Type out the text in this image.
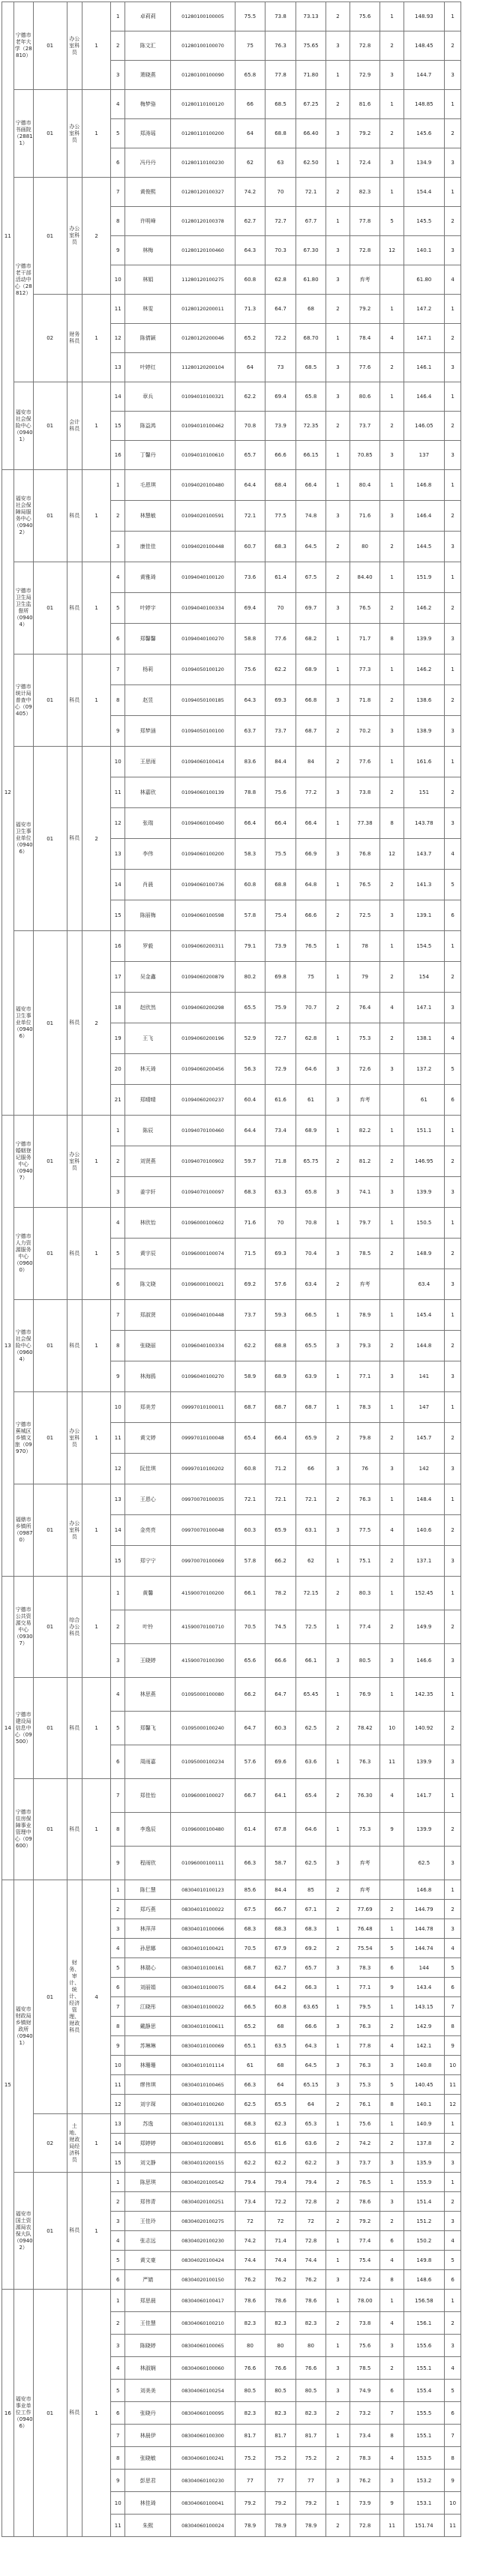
11	宁德市老年大学（28810）	01	办公室科员	1	1	卓莉莉	01280100100005	75.5	73.8	73.13	2	75.6	1	148.93	1
					2	陈文汇	01280100100070	75	76.3	75.65	3	72.8	2	148.45	2
					3	萧晓燕	01280100100090	65.8	77.8	71.80	1	72.9	3	144.7	3
	宁德市书画院（28811）	01	办公室科员	1	4	梅梦骆	01280110100120	66	68.5	67.25	2	81.6	1	148.85	1
					5	郑涛瑶	01280110100200	64	68.8	66.40	3	79.2	2	145.6	2
					6	冯丹丹	01280110100230	62	63	62.50	1	72.4	3	134.9	3
	宁德市老干部活动中心（28812）	01	办公室科员	2	7	黄俊熙	01280120100327	74.2	70	72.1	2	82.3	1	154.4	1
					8	许明峰	01280120100378	62.7	72.7	67.7	1	77.8	5	145.5	2
					9	林梅	01280120100460	64.3	70.3	67.30	3	72.8	12	140.1	3
					10	林娟	11280120100275	60.8	62.8	61.80	3	弃考		61.80	4
		02	财务科员	1	11	林雯	01280120200011	71.3	64.7	68	2	79.2	1	147.2	1
					12	陈倩颖	01280120200046	65.2	72.2	68.70	1	78.4	4	147.1	2
					13	叶婷红	11280120200104	64	73	68.5	3	77.6	2	146.1	3
	福安市社会保险中心（09401）	01	会计科员	1	14	章兵	01094010100321	62.2	69.4	65.8	3	80.6	1	146.4	1
					15	陈益鸿	01094010100462	70.8	73.9	72.35	2	73.7	2	146.05	2
					16	丁馨丹	01094010100610	65.7	66.6	66.15	1	70.85	3	137	3
12	福安市社会保障局服务中心（09402）	01	科员	1	1	毛恩琪	01094020100480	64.4	68.4	66.4	1	80.4	1	146.8	1
					2	林慧敏	01094020100591	72.1	77.5	74.8	3	71.6	3	146.4	2
					3	康佳佳	01094020100448	60.7	68.3	64.5	2	80	2	144.5	3
	宁德市卫生局卫生监督所（09404）	01	科员	1	4	黄雅琦	01094040100120	73.6	61.4	67.5	2	84.40	1	151.9	1
					5	叶婷宇	01094040100334	69.4	70	69.7	3	76.5	2	146.2	2
					6	郑馨馨	01094040100270	58.8	77.6	68.2	1	71.7	8	139.9	3
	宁德市统计局普查中心（09405）	01	科员	1	7	杨莉	01094050100120	75.6	62.2	68.9	1	77.3	1	146.2	1
					8	赵昱	01094050100185	64.3	69.3	66.8	3	71.8	2	138.6	2
					9	郑梦涵	01094050100100	63.7	73.7	68.7	2	70.2	3	138.9	3
	福安市卫生事业单位（09406）	01	科员	2	10	王思雨	01094060100414	83.6	84.4	84	2	77.6	1	161.6	1
					11	林嘉欣	01094060100139	78.8	75.6	77.2	3	73.8	2	151	2
					12	张瑞	01094060100490	66.4	66.4	66.4	1	77.38	8	143.78	3
					13	李伟	01094060100200	58.3	75.5	66.9	3	76.8	12	143.7	4
					14	肖晨	01094060100736	60.8	68.8	64.8	1	76.5	2	141.3	5
					15	陈丽梅	01094060100598	57.8	75.4	66.6	2	72.5	3	139.1	6
	福安市卫生事业单位（09406）	01	科员	2	16	罗毅	01094060200311	79.1	73.9	76.5	1	78	1	154.5	1
					17	吴金鑫	01094060200879	80.2	69.8	75	1	79	2	154	2
					18	赵欣然	01094060200298	65.5	75.9	70.7	2	76.4	4	147.1	3
					19	王飞	01094060200196	52.9	72.7	62.8	1	75.3	2	138.1	4
					20	林天琦	01094060200456	56.3	72.9	64.6	3	72.6	3	137.2	5
					21	郑晴晴	01094060200237	60.4	61.6	61	3	弃考		61	6
13	宁德市婚姻登记服务中心（09407）	01	办公室科员	1	1	陈辰	01094070100460	64.4	73.4	68.9	1	82.2	1	151.1	1
					2	刘贤燕	01094070100902	59.7	71.8	65.75	2	81.2	2	146.95	2
					3	姜宇轩	01094070100097	68.3	63.3	65.8	3	74.1	3	139.9	3
	宁德市人力资源服务中心（09600）	01	科员	1	4	林欣怡	01096000100602	71.6	70	70.8	1	79.7	1	150.5	1
					5	黄宇辰	01096000100074	71.5	69.3	70.4	3	78.5	2	148.9	2
					6	陈文晓	01096000100021	69.2	57.6	63.4	2	弃考		63.4	3
	宁德市社会保险中心（09604）	01	科员	1	7	郑淑贤	01096040100448	73.7	59.3	66.5	1	78.9	1	145.4	1
					8	张晓丽	01096040100334	62.2	68.8	65.5	3	79.3	2	144.8	2
					9	林海鸥	01096040100270	58.9	68.9	63.9	1	77.1	3	141	3
	宁德市蕉城区乡镇文旅（09970）	01	办公室科员	1	10	郑美芳	09997010100011	68.7	68.7	68.7	1	78.3	1	147	1
					11	黄文婷	09997010100048	65.4	66.4	65.9	2	79.8	2	145.7	2
					12	阮佳琪	09997010100202	60.8	71.2	66	3	76	3	142	3
	福鼎市乡镇所（09870）	01	办公室科员	1	13	王恩心	09970070100035	72.1	72.1	72.1	2	76.3	1	148.4	1
					14	金亮亮	09970070100048	60.3	65.9	63.1	3	77.5	4	140.6	2
					15	郑宁宁	09970070100069	57.8	66.2	62	1	75.1	2	137.1	3
14	宁德市公共资源交易中心（09307）	01	综合办公科员	1	1	黄馨	41590070100200	66.1	78.2	72.15	2	80.3	1	152.45	1
					2	叶铃	41590070100710	70.5	74.5	72.5	1	77.4	2	149.9	2
					3	王晓婷	41590070100390	65.6	66.6	66.1	3	80.5	3	146.6	3
	宁德市建设局信息中心（09500）	01	科员	1	4	林思燕	01095000100080	66.2	64.7	65.45	1	76.9	1	142.35	1
					5	郑馨飞	01095000100240	64.7	60.3	62.5	2	78.42	10	140.92	2
					6	周雨嘉	01095000100234	57.6	69.6	63.6	1	76.3	11	139.9	3
	宁德市住房保障事业管理中心（09600）	01	科员	1	7	郑佳怡	01096000100027	66.7	64.1	65.4	2	76.30	4	141.7	1
					8	李逸辰	01096000100480	61.4	67.8	64.6	1	75.3	9	139.9	2
					9	程雨欣	01096000100111	66.3	58.7	62.5	3	弃考		62.5	3
15	福安市财政局乡镇财政所（09401）	01	财务、审计、统计、经济管理、财政科员	4	1	陈仁慧	08304010100123	85.6	84.4	85	2	弃考		146.8	1
					2	郑巧燕	08304010100022	67.5	66.7	67.1	2	77.69	2	144.79	2
					3	林萍萍	08304010100066	68.3	68.3	68.3	1	76.48	1	144.78	3
					4	孙思娜	08304010100421	70.5	67.9	69.2	2	75.54	5	144.74	4
					5	林瑞心	08304010100161	68.7	62.7	65.7	3	78.3	6	144	5
					6	刘丽娟	08304010100075	68.4	64.2	66.3	1	77.1	9	143.4	6
					7	江晓彤	08304010100022	66.5	60.8	63.65	1	79.5	1	143.15	7
					8	戴静思	08304010100611	65.2	68	66.6	3	76.3	2	142.9	8
					9	苏琳琳	08304010100069	65.1	63.5	64.3	1	77.8	4	142.1	9
					10	林珊珊	08304010101114	61	68	64.5	3	76.3	3	140.8	10
					11	缪伟琪	08304010100465	66.3	64	65.15	3	75.3	5	140.45	11
					12	刘宇琛	08304010100260	62.5	65.5	64	2	76.1	8	140.1	12
		02	土地、财政局经济科员	1	13	苏逸	08304010201131	68.3	62.3	65.3	1	75.6	1	140.9	1
					14	郑婷婷	08304010200891	65.6	61.6	63.6	2	74.2	2	137.8	2
					15	刘文静	08304010200155	62.2	62.2	62.2	3	73.7	3	135.9	3
	福安市国土资源局农保大队（09402）	01	科员	1	1	陈思琪	08304020100542	79.4	79.4	79.4	2	76.5	1	155.9	1
					2	郑伟青	08304020100251	73.4	72.2	72.8	2	78.6	3	151.4	2
					3	王佳玲	08304020100275	72	72	72	2	79.2	2	151.2	3
					4	张志远	08304020100230	74.2	71.4	72.8	1	77.4	6	150.2	4
					5	黄文豪	08304020100424	74.4	74.4	74.4	1	75.4	4	149.8	5
					6	严婧	08304020100150	76.2	76.2	76.2	3	72.4	8	148.6	6
16	福安市事业单位工作（09406）	01	科员	1	1	郑思晨	08304060100417	78.6	78.6	78.6	1	78.00	1	156.58	1
					2	王佳慧	08304060100210	82.3	82.3	82.3	2	73.8	4	156.1	2
					3	陈晓婷	08304060100065	80	80	80	1	75.6	3	155.6	3
					4	林淑娴	08304060100060	76.6	76.6	76.6	3	78.5	2	155.1	4
					5	刘美美	08304060100254	80.5	80.5	80.5	3	74.9	6	155.4	5
					6	张晓丹	08304060100095	82.3	82.3	82.3	2	73.2	7	155.5	6
					7	林晨伊	08304060100300	81.7	81.7	81.7	1	73.4	8	155.1	7
					8	张晓敏	08304060100241	75.2	75.2	75.2	2	78.3	4	153.5	8
					9	彭思君	08304060100230	77	77	77	3	76.2	3	153.2	9
					10	林佳琦	08304060100041	79.2	79.2	79.2	1	73.9	9	153.1	10
					11	朱熙	08304060100024	78.9	78.9	78.9	2	72.8	11	151.74	11
